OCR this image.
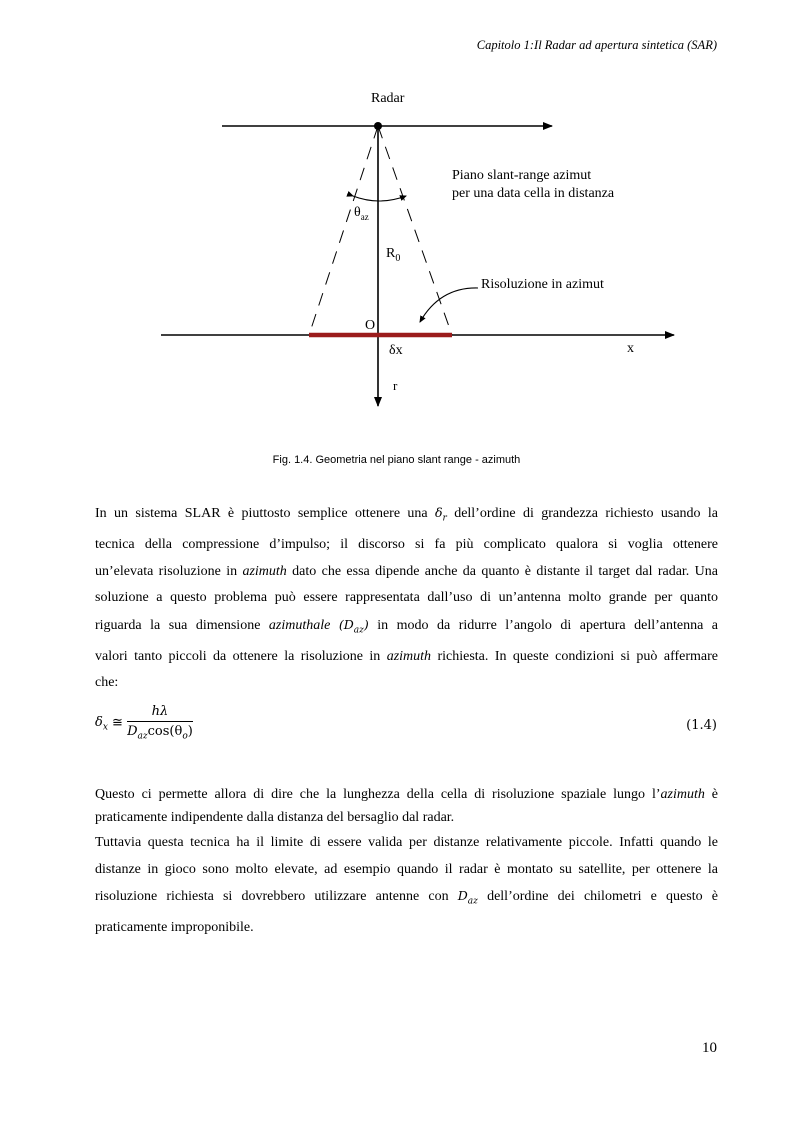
Capitolo 1:Il Radar ad apertura sintetica (SAR)
Radar
Piano slant-range azimut
per una data cella in distanza
$\theta_{az}$
$R_0$
Risoluzione in azimut
O
δx	x
r
Fig. 1.4. Geometria nel piano slant range - azimuth
In un sistema SLAR è piuttosto semplice ottenere una $\delta_r$ dell’ordine di grandezza richiesto usando la
tecnica della compressione d’impulso; il discorso si fa più complicato qualora si voglia ottenere
un’elevata risoluzione in azimuth dato che essa dipende anche da quanto è distante il target dal radar. Una
soluzione a questo problema può essere rappresentata dall’uso di un’antenna molto grande per quanto
riguarda la sua dimensione azimuthale $(D_{az})$ in modo da ridurre l’angolo di apertura dell’antenna a
valori tanto piccoli da ottenere la risoluzione in azimuth richiesta. In queste condizioni si può affermare
che:
$\delta_x$ ≅ $\frac{h\lambda}{D_{az}\cos(\theta_o)}$	(1.4)
Questo ci permette allora di dire che la lunghezza della cella di risoluzione spaziale lungo l’azimuth è
praticamente indipendente dalla distanza del bersaglio dal radar.
Tuttavia questa tecnica ha il limite di essere valida per distanze relativamente piccole. Infatti quando le
distanze in gioco sono molto elevate, ad esempio quando il radar è montato su satellite, per ottenere la
risoluzione richiesta si dovrebbero utilizzare antenne con $D_{az}$ dell’ordine dei chilometri e questo è
praticamente improponibile.
10
